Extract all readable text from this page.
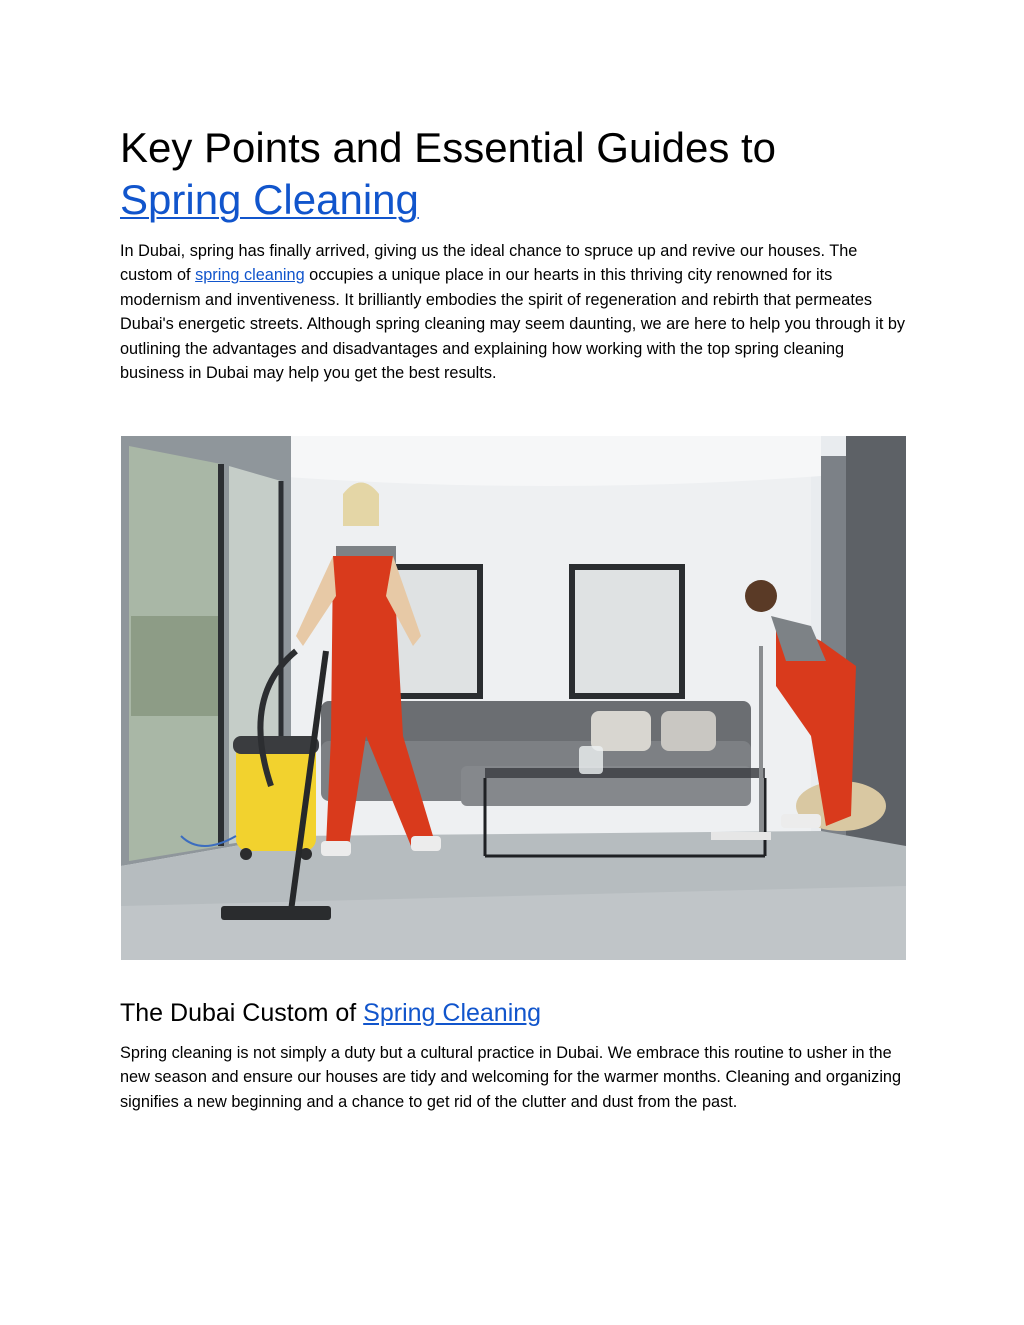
Key Points and Essential Guides to
Spring Cleaning

In Dubai, spring has finally arrived, giving us the ideal chance to spruce up and revive our houses. The custom of spring cleaning occupies a unique place in our hearts in this thriving city renowned for its modernism and inventiveness. It brilliantly embodies the spirit of regeneration and rebirth that permeates Dubai's energetic streets. Although spring cleaning may seem daunting, we are here to help you through it by outlining the advantages and disadvantages and explaining how working with the top spring cleaning business in Dubai may help you get the best results.

The Dubai Custom of Spring Cleaning

Spring cleaning is not simply a duty but a cultural practice in Dubai. We embrace this routine to usher in the new season and ensure our houses are tidy and welcoming for the warmer months. Cleaning and organizing signifies a new beginning and a chance to get rid of the clutter and dust from the past.
